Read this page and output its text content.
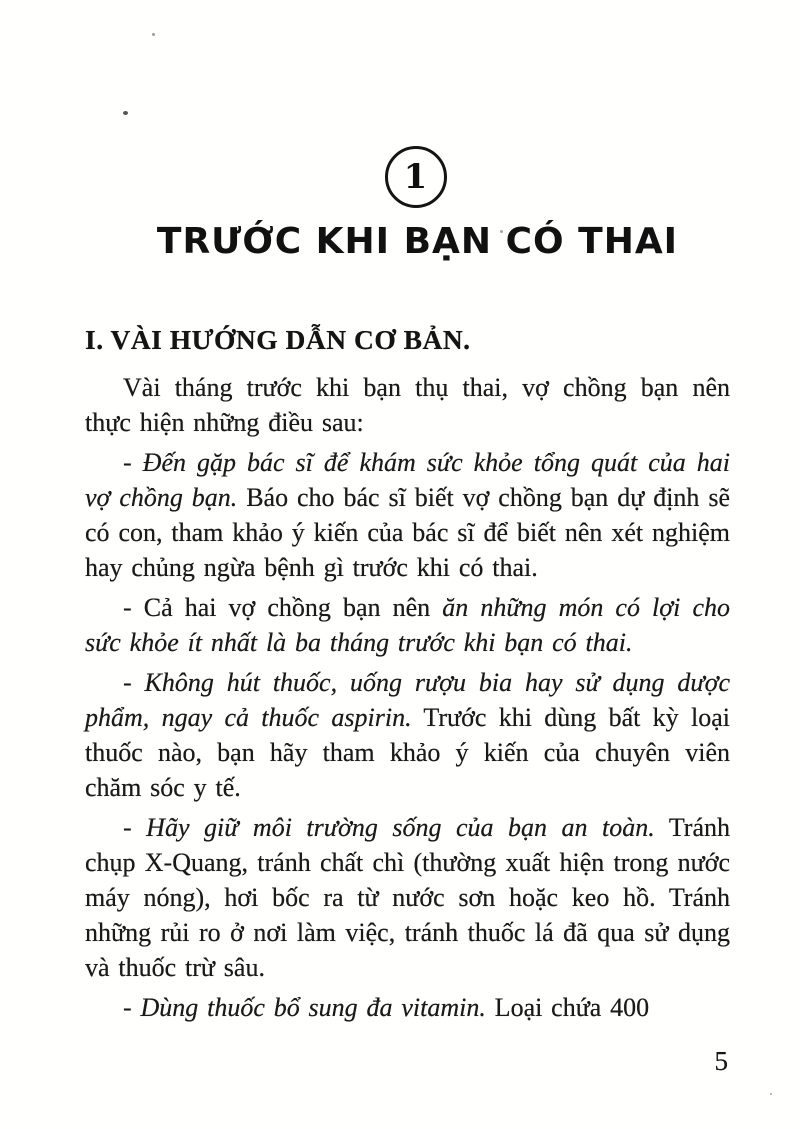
1
TRƯỚC KHI BẠN CÓ THAI
I. VÀI HƯỚNG DẪN CƠ BẢN.

Vài tháng trước khi bạn thụ thai, vợ chồng bạn nên thực hiện những điều sau:

- Đến gặp bác sĩ để khám sức khỏe tổng quát của hai vợ chồng bạn. Báo cho bác sĩ biết vợ chồng bạn dự định sẽ có con, tham khảo ý kiến của bác sĩ để biết nên xét nghiệm hay chủng ngừa bệnh gì trước khi có thai.

- Cả hai vợ chồng bạn nên ăn những món có lợi cho sức khỏe ít nhất là ba tháng trước khi bạn có thai.

- Không hút thuốc, uống rượu bia hay sử dụng dược phẩm, ngay cả thuốc aspirin. Trước khi dùng bất kỳ loại thuốc nào, bạn hãy tham khảo ý kiến của chuyên viên chăm sóc y tế.

- Hãy giữ môi trường sống của bạn an toàn. Tránh chụp X-Quang, tránh chất chì (thường xuất hiện trong nước máy nóng), hơi bốc ra từ nước sơn hoặc keo hồ. Tránh những rủi ro ở nơi làm việc, tránh thuốc lá đã qua sử dụng và thuốc trừ sâu.

- Dùng thuốc bổ sung đa vitamin. Loại chứa 400

5
